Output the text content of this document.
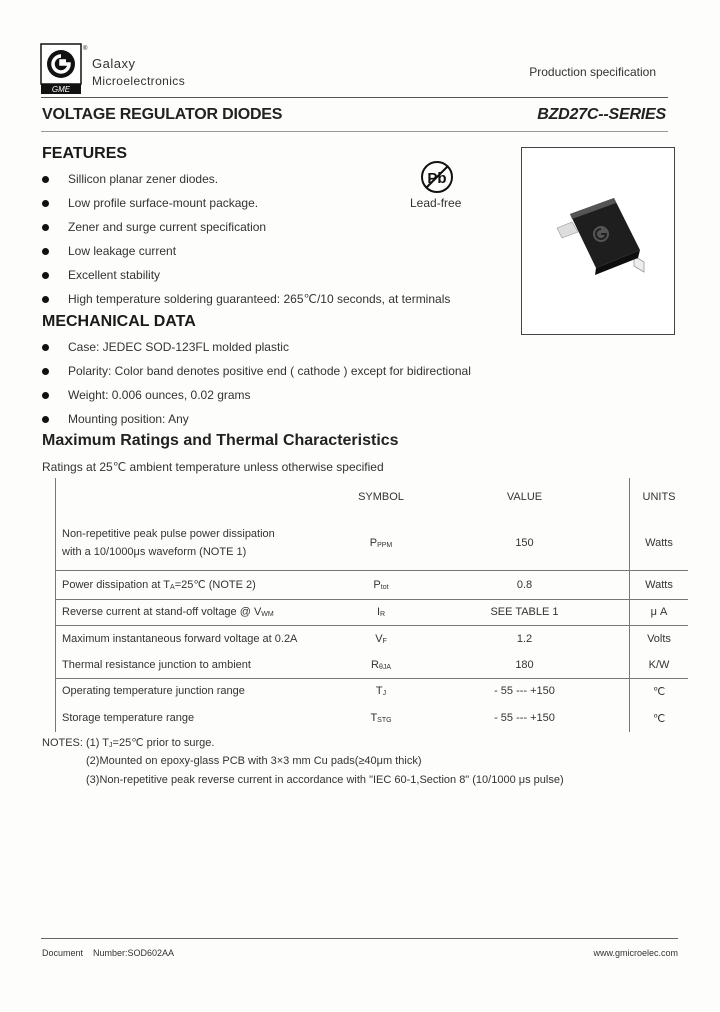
GME
®
Galaxy
Microelectronics
Production specification
VOLTAGE REGULATOR DIODES	BZD27C--SERIES
FEATURES
Sillicon planar zener diodes.
Low profile surface-mount package.
Zener and surge current specification
Low leakage current
Excellent stability
High temperature soldering guaranteed: 265℃/10 seconds, at terminals
Pb
Lead-free
MECHANICAL DATA
Case: JEDEC SOD-123FL molded plastic
Polarity: Color band denotes positive end ( cathode ) except for bidirectional
Weight: 0.006 ounces, 0.02 grams
Mounting position: Any
Maximum Ratings and Thermal Characteristics
Ratings at 25℃ ambient temperature unless otherwise specified
	SYMBOL	VALUE	UNITS

Non-repetitive peak pulse power dissipation
with a 10/1000μs waveform (NOTE 1)	PPPM	150	Watts
Power dissipation at TA=25℃ (NOTE 2)	Ptot	0.8	Watts
Reverse current at stand-off voltage @ VWM	IR	SEE TABLE 1	μ A
Maximum instantaneous forward voltage at 0.2A	VF	1.2	Volts
Thermal resistance junction to ambient	RθJA	180	K/W
Operating temperature junction range	TJ	- 55 --- +150	℃
Storage temperature range	TSTG	- 55 --- +150	℃
NOTES: (1) TJ=25℃ prior to surge.
(2)Mounted on epoxy-glass PCB with 3×3 mm Cu pads(≥40μm thick)
(3)Non-repetitive peak reverse current in accordance with "IEC 60-1,Section 8" (10/1000 μs pulse)
Document    Number:SOD602AA	www.gmicroelec.com
